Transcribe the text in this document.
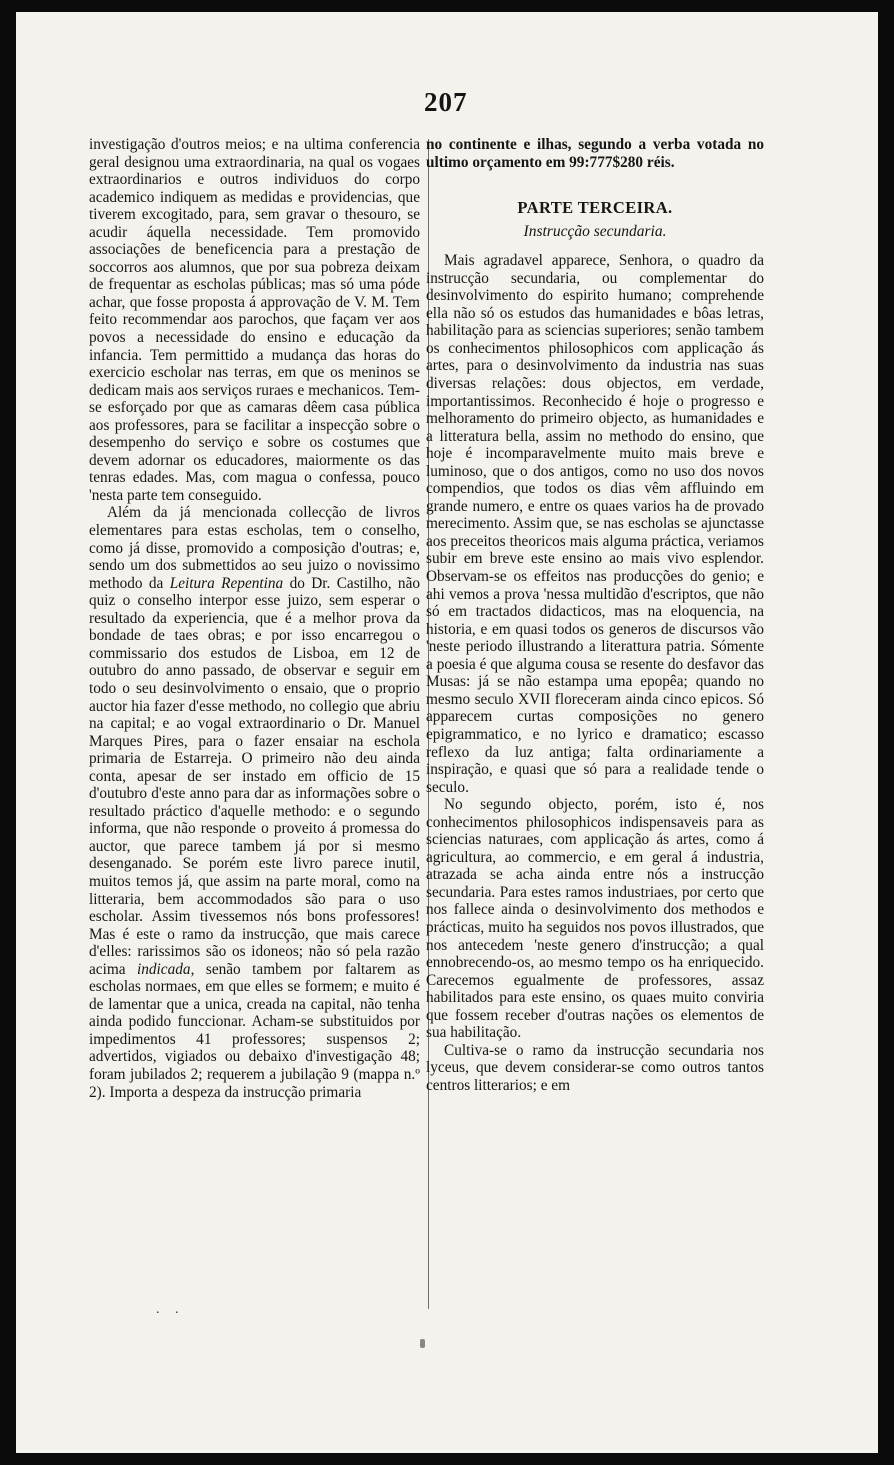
207

investigação d'outros meios; e na ultima conferencia geral designou uma extraordinaria, na qual os vogaes extraordinarios e outros individuos do corpo academico indiquem as medidas e providencias, que tiverem excogitado, para, sem gravar o thesouro, se acudir áquella necessidade. Tem promovido associações de beneficencia para a prestação de soccorros aos alumnos, que por sua pobreza deixam de frequentar as escholas públicas; mas só uma póde achar, que fosse proposta á approvação de V. M. Tem feito recommendar aos parochos, que façam ver aos povos a necessidade do ensino e educação da infancia. Tem permittido a mudança das horas do exercicio escholar nas terras, em que os meninos se dedicam mais aos serviços ruraes e mechanicos. Tem-se esforçado por que as camaras dêem casa pública aos professores, para se facilitar a inspecção sobre o desempenho do serviço e sobre os costumes que devem adornar os educadores, maiormente os das tenras edades. Mas, com magua o confessa, pouco 'nesta parte tem conseguido.

Além da já mencionada collecção de livros elementares para estas escholas, tem o conselho, como já disse, promovido a composição d'outras; e, sendo um dos submettidos ao seu juizo o novissimo methodo da Leitura Repentina do Dr. Castilho, não quiz o conselho interpor esse juizo, sem esperar o resultado da experiencia, que é a melhor prova da bondade de taes obras; e por isso encarregou o commissario dos estudos de Lisboa, em 12 de outubro do anno passado, de observar e seguir em todo o seu desinvolvimento o ensaio, que o proprio auctor hia fazer d'esse methodo, no collegio que abriu na capital; e ao vogal extraordinario o Dr. Manuel Marques Pires, para o fazer ensaiar na eschola primaria de Estarreja. O primeiro não deu ainda conta, apesar de ser instado em officio de 15 d'outubro d'este anno para dar as informações sobre o resultado práctico d'aquelle methodo: e o segundo informa, que não responde o proveito á promessa do auctor, que parece tambem já por si mesmo desenganado. Se porém este livro parece inutil, muitos temos já, que assim na parte moral, como na litteraria, bem accommodados são para o uso escholar. Assim tivessemos nós bons professores! Mas é este o ramo da instrucção, que mais carece d'elles: rarissimos são os idoneos; não só pela razão acima indicada, senão tambem por faltarem as escholas normaes, em que elles se formem; e muito é de lamentar que a unica, creada na capital, não tenha ainda podido funccionar. Acham-se substituidos por impedimentos 41 professores; suspensos 2; advertidos, vigiados ou debaixo d'investigação 48; foram jubilados 2; requerem a jubilação 9 (mappa n.º 2). Importa a despeza da instrucção primaria

no continente e ilhas, segundo a verba votada no ultimo orçamento em 99:777$280 réis.

PARTE TERCEIRA.

Instrucção secundaria.

Mais agradavel apparece, Senhora, o quadro da instrucção secundaria, ou complementar do desinvolvimento do espirito humano; comprehende ella não só os estudos das humanidades e bôas letras, habilitação para as sciencias superiores; senão tambem os conhecimentos philosophicos com applicação ás artes, para o desinvolvimento da industria nas suas diversas relações: dous objectos, em verdade, importantissimos. Reconhecido é hoje o progresso e melhoramento do primeiro objecto, as humanidades e a litteratura bella, assim no methodo do ensino, que hoje é incomparavelmente muito mais breve e luminoso, que o dos antigos, como no uso dos novos compendios, que todos os dias vêm affluindo em grande numero, e entre os quaes varios ha de provado merecimento. Assim que, se nas escholas se ajunctasse aos preceitos theoricos mais alguma práctica, veriamos subir em breve este ensino ao mais vivo esplendor. Observam-se os effeitos nas producções do genio; e ahi vemos a prova 'nessa multidão d'escriptos, que não só em tractados didacticos, mas na eloquencia, na historia, e em quasi todos os generos de discursos vão 'neste periodo illustrando a literattura patria. Sómente a poesia é que alguma cousa se resente do desfavor das Musas: já se não estampa uma epopêa; quando no mesmo seculo XVII floreceram ainda cinco epicos. Só apparecem curtas composições no genero epigrammatico, e no lyrico e dramatico; escasso reflexo da luz antiga; falta ordinariamente a inspiração, e quasi que só para a realidade tende o seculo.

No segundo objecto, porém, isto é, nos conhecimentos philosophicos indispensaveis para as sciencias naturaes, com applicação ás artes, como á agricultura, ao commercio, e em geral á industria, atrazada se acha ainda entre nós a instrucção secundaria. Para estes ramos industriaes, por certo que nos fallece ainda o desinvolvimento dos methodos e prácticas, muito ha seguidos nos povos illustrados, que nos antecedem 'neste genero d'instrucção; a qual ennobrecendo-os, ao mesmo tempo os ha enriquecido. Carecemos egualmente de professores, assaz habilitados para este ensino, os quaes muito conviria que fossem receber d'outras nações os elementos de sua habilitação.

Cultiva-se o ramo da instrucção secundaria nos lyceus, que devem considerar-se como outros tantos centros litterarios; e em

. .
